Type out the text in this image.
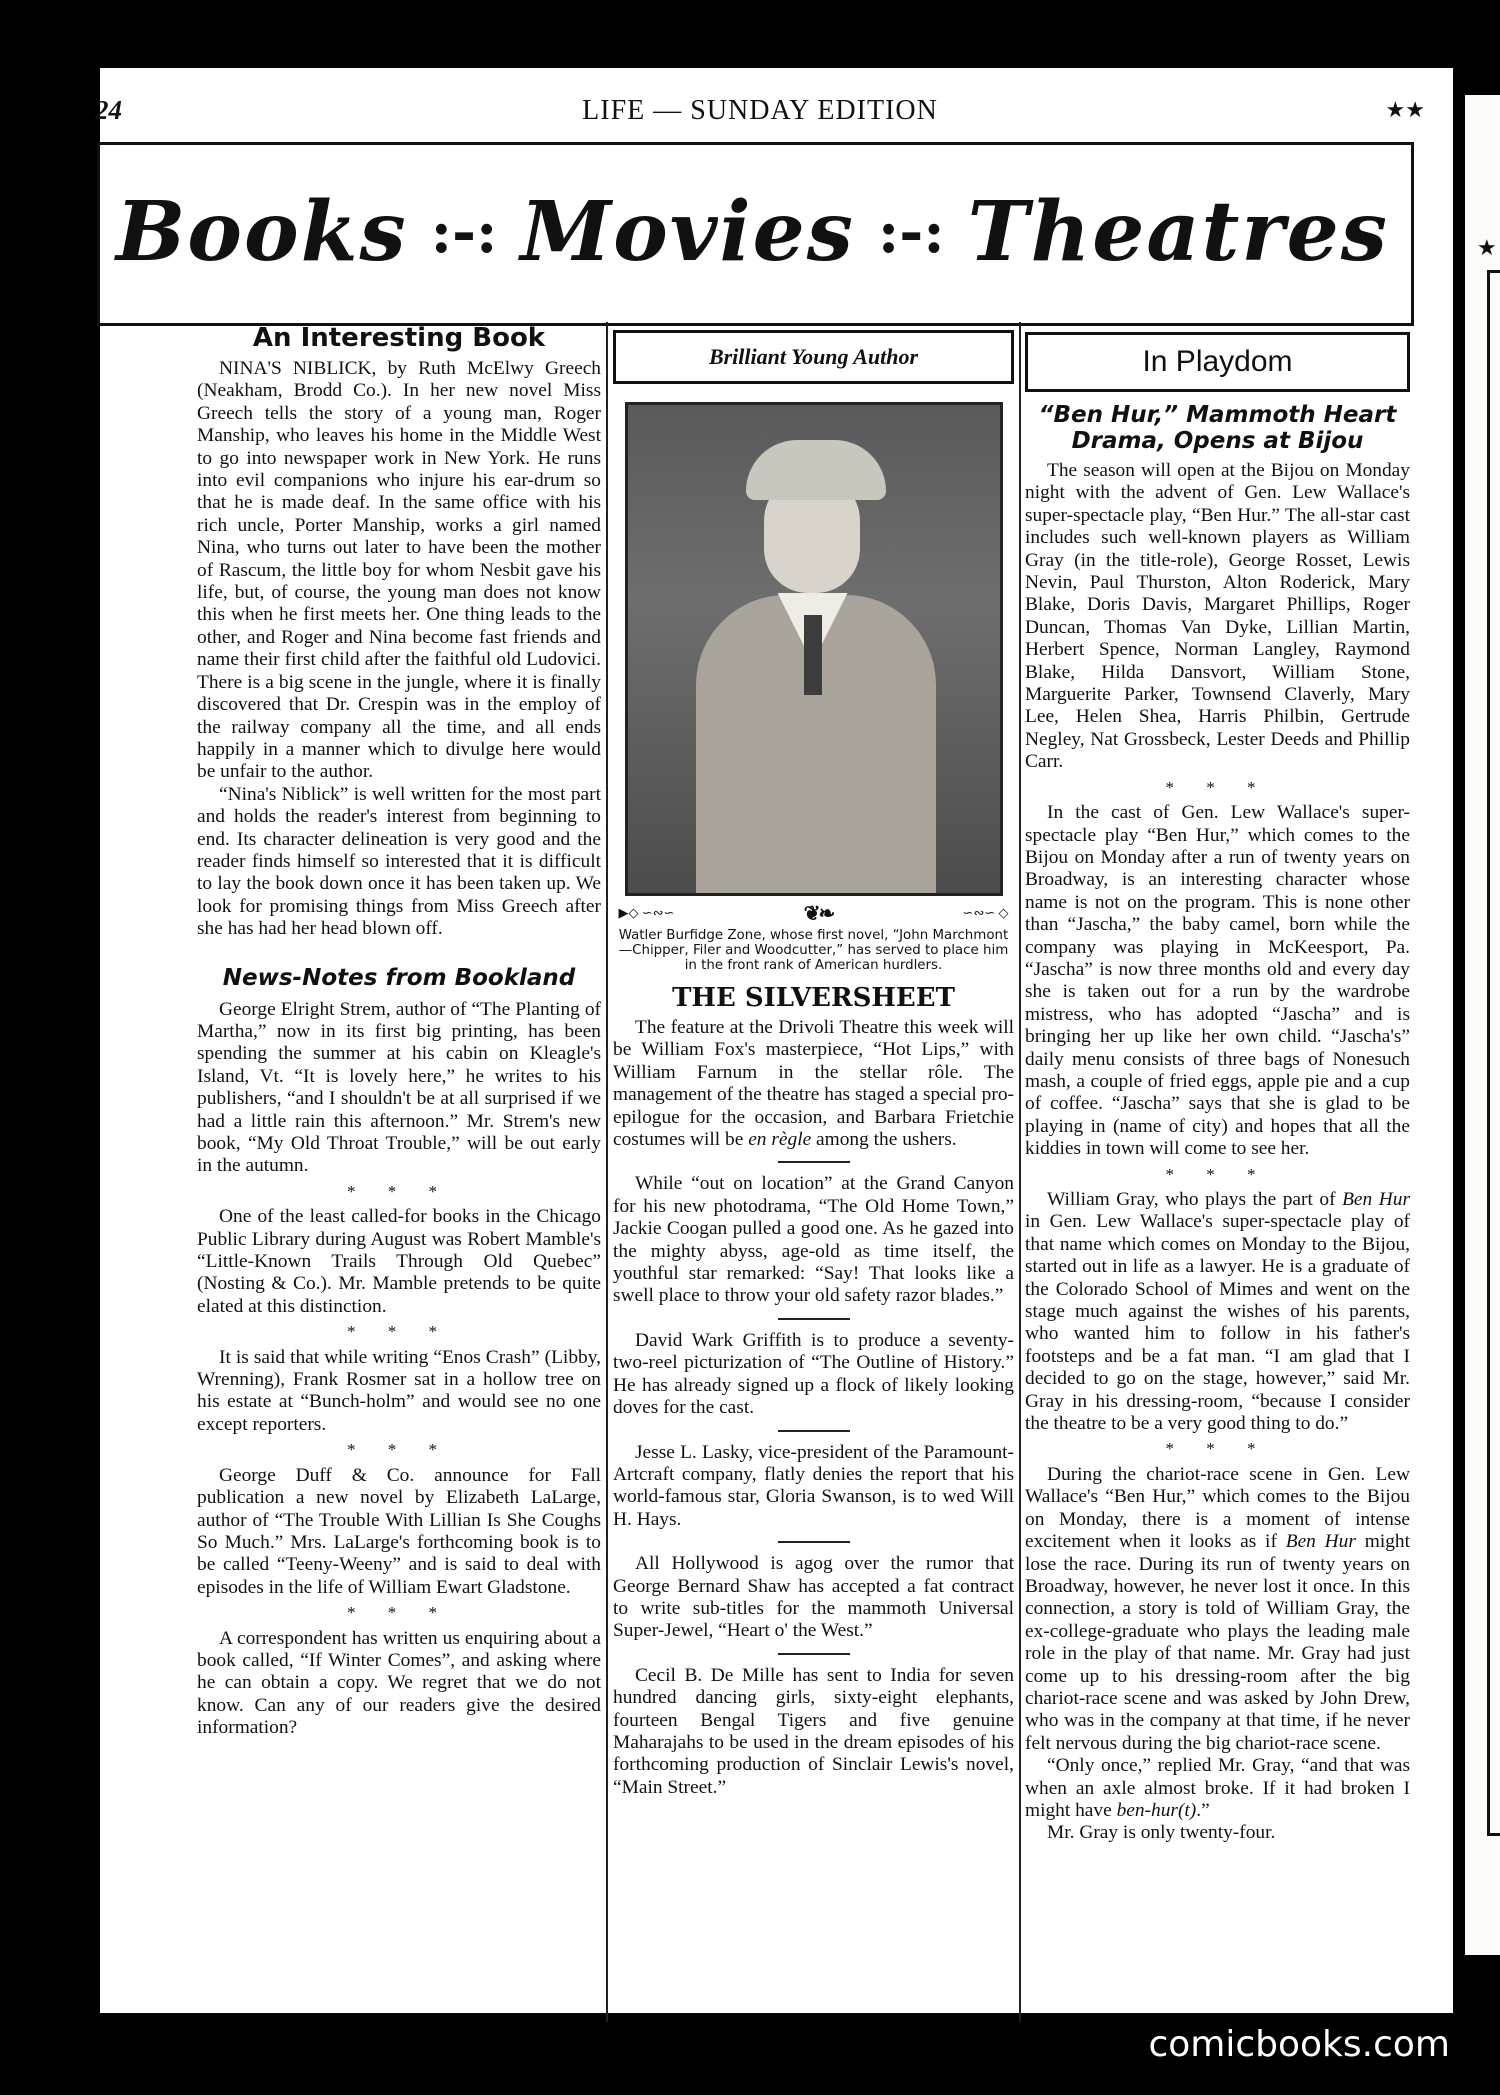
★
24	LIFE — SUNDAY EDITION	★★
Books :-: Movies :-: Theatres
An Interesting Book

NINA'S NIBLICK, by Ruth McElwy Greech (Neakham, Brodd Co.). In her new novel Miss Greech tells the story of a young man, Roger Manship, who leaves his home in the Middle West to go into newspaper work in New York. He runs into evil companions who injure his ear-drum so that he is made deaf. In the same office with his rich uncle, Porter Manship, works a girl named Nina, who turns out later to have been the mother of Rascum, the little boy for whom Nesbit gave his life, but, of course, the young man does not know this when he first meets her. One thing leads to the other, and Roger and Nina become fast friends and name their first child after the faithful old Ludovici. There is a big scene in the jungle, where it is finally discovered that Dr. Crespin was in the employ of the railway company all the time, and all ends happily in a manner which to divulge here would be unfair to the author.

“Nina's Niblick” is well written for the most part and holds the reader's interest from beginning to end. Its character delineation is very good and the reader finds himself so interested that it is difficult to lay the book down once it has been taken up. We look for promising things from Miss Greech after she has had her head blown off.

News-Notes from Bookland

George Elright Strem, author of “The Planting of Martha,” now in its first big printing, has been spending the summer at his cabin on Kleagle's Island, Vt. “It is lovely here,” he writes to his publishers, “and I shouldn't be at all surprised if we had a little rain this afternoon.” Mr. Strem's new book, “My Old Throat Trouble,” will be out early in the autumn.

* * *

One of the least called-for books in the Chicago Public Library during August was Robert Mamble's “Little-Known Trails Through Old Quebec” (Nosting & Co.). Mr. Mamble pretends to be quite elated at this distinction.

* * *

It is said that while writing “Enos Crash” (Libby, Wrenning), Frank Rosmer sat in a hollow tree on his estate at “Bunch-holm” and would see no one except reporters.

* * *

George Duff & Co. announce for Fall publication a new novel by Elizabeth LaLarge, author of “The Trouble With Lillian Is She Coughs So Much.” Mrs. LaLarge's forthcoming book is to be called “Teeny-Weeny” and is said to deal with episodes in the life of William Ewart Gladstone.

* * *

A correspondent has written us enquiring about a book called, “If Winter Comes”, and asking where he can obtain a copy. We regret that we do not know. Can any of our readers give the desired information?

Brilliant Young Author
▶◇ ∽∾∽	❦❧	∽∾∽ ◇
Watler Burfidge Zone, whose first novel, “John Marchmont—Chipper, Filer and Woodcutter,” has served to place him in the front rank of American hurdlers.
THE SILVERSHEET

The feature at the Drivoli Theatre this week will be William Fox's masterpiece, “Hot Lips,” with William Farnum in the stellar rôle. The management of the theatre has staged a special pro-epilogue for the occasion, and Barbara Frietchie costumes will be en règle among the ushers.

While “out on location” at the Grand Canyon for his new photodrama, “The Old Home Town,” Jackie Coogan pulled a good one. As he gazed into the mighty abyss, age-old as time itself, the youthful star remarked: “Say! That looks like a swell place to throw your old safety razor blades.”

David Wark Griffith is to produce a seventy-two-reel picturization of “The Outline of History.” He has already signed up a flock of likely looking doves for the cast.

Jesse L. Lasky, vice-president of the Paramount-Artcraft company, flatly denies the report that his world-famous star, Gloria Swanson, is to wed Will H. Hays.

All Hollywood is agog over the rumor that George Bernard Shaw has accepted a fat contract to write sub-titles for the mammoth Universal Super-Jewel, “Heart o' the West.”

Cecil B. De Mille has sent to India for seven hundred dancing girls, sixty-eight elephants, fourteen Bengal Tigers and five genuine Maharajahs to be used in the dream episodes of his forthcoming production of Sinclair Lewis's novel, “Main Street.”

In Playdom
“Ben Hur,” Mammoth Heart Drama, Opens at Bijou

The season will open at the Bijou on Monday night with the advent of Gen. Lew Wallace's super-spectacle play, “Ben Hur.” The all-star cast includes such well-known players as William Gray (in the title-role), George Rosset, Lewis Nevin, Paul Thurston, Alton Roderick, Mary Blake, Doris Davis, Margaret Phillips, Roger Duncan, Thomas Van Dyke, Lillian Martin, Herbert Spence, Norman Langley, Raymond Blake, Hilda Dansvort, William Stone, Marguerite Parker, Townsend Claverly, Mary Lee, Helen Shea, Harris Philbin, Gertrude Negley, Nat Grossbeck, Lester Deeds and Phillip Carr.

* * *

In the cast of Gen. Lew Wallace's super-spectacle play “Ben Hur,” which comes to the Bijou on Monday after a run of twenty years on Broadway, is an interesting character whose name is not on the program. This is none other than “Jascha,” the baby camel, born while the company was playing in McKeesport, Pa. “Jascha” is now three months old and every day she is taken out for a run by the wardrobe mistress, who has adopted “Jascha” and is bringing her up like her own child. “Jascha's” daily menu consists of three bags of Nonesuch mash, a couple of fried eggs, apple pie and a cup of coffee. “Jascha” says that she is glad to be playing in (name of city) and hopes that all the kiddies in town will come to see her.

* * *

William Gray, who plays the part of Ben Hur in Gen. Lew Wallace's super-spectacle play of that name which comes on Monday to the Bijou, started out in life as a lawyer. He is a graduate of the Colorado School of Mimes and went on the stage much against the wishes of his parents, who wanted him to follow in his father's footsteps and be a fat man. “I am glad that I decided to go on the stage, however,” said Mr. Gray in his dressing-room, “because I consider the theatre to be a very good thing to do.”

* * *

During the chariot-race scene in Gen. Lew Wallace's “Ben Hur,” which comes to the Bijou on Monday, there is a moment of intense excitement when it looks as if Ben Hur might lose the race. During its run of twenty years on Broadway, however, he never lost it once. In this connection, a story is told of William Gray, the ex-college-graduate who plays the leading male role in the play of that name. Mr. Gray had just come up to his dressing-room after the big chariot-race scene and was asked by John Drew, who was in the company at that time, if he never felt nervous during the big chariot-race scene.

“Only once,” replied Mr. Gray, “and that was when an axle almost broke. If it had broken I might have ben-hur(t).”

Mr. Gray is only twenty-four.

comicbooks.com
